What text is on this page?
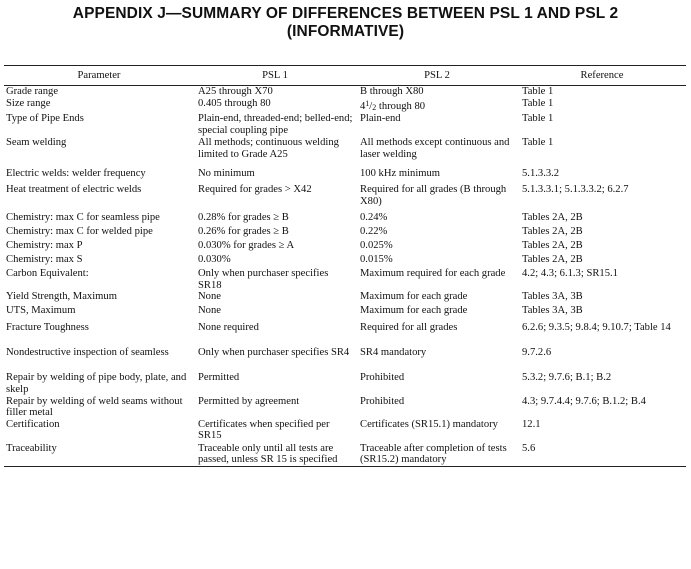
APPENDIX J—SUMMARY OF DIFFERENCES BETWEEN PSL 1 AND PSL 2
(INFORMATIVE)
Parameter	PSL 1	PSL 2	Reference
Grade range	A25 through X70	B through X80	Table 1
Size range	0.405 through 80	$4^1/2$ through 80	Table 1
Type of Pipe Ends	Plain-end, threaded-end; belled-end; special coupling pipe	Plain-end	Table 1
Seam welding	All methods; continuous welding limited to Grade A25	All methods except continuous and laser welding	Table 1
Electric welds: welder frequency	No minimum	100 kHz minimum	5.1.3.3.2
Heat treatment of electric welds	Required for grades > X42	Required for all grades (B through X80)	5.1.3.3.1; 5.1.3.3.2; 6.2.7
Chemistry: max C for seamless pipe	0.28% for grades ≥ B	0.24%	Tables 2A, 2B
Chemistry: max C for welded pipe	0.26% for grades ≥ B	0.22%	Tables 2A, 2B
Chemistry: max P	0.030% for grades ≥ A	0.025%	Tables 2A, 2B
Chemistry: max S	0.030%	0.015%	Tables 2A, 2B
Carbon Equivalent:	Only when purchaser specifies SR18	Maximum required for each grade	4.2; 4.3; 6.1.3; SR15.1
Yield Strength, Maximum	None	Maximum for each grade	Tables 3A, 3B
UTS, Maximum	None	Maximum for each grade	Tables 3A, 3B
Fracture Toughness	None required	Required for all grades	6.2.6; 9.3.5; 9.8.4; 9.10.7; Table 14
Nondestructive inspection of seamless	Only when purchaser specifies SR4	SR4 mandatory	9.7.2.6
Repair by welding of pipe body, plate, and skelp	Permitted	Prohibited	5.3.2; 9.7.6; B.1; B.2
Repair by welding of weld seams without filler metal	Permitted by agreement	Prohibited	4.3; 9.7.4.4; 9.7.6; B.1.2; B.4
Certification	Certificates when specified per SR15	Certificates (SR15.1) mandatory	12.1
Traceability	Traceable only until all tests are passed, unless SR 15 is specified	Traceable after completion of tests (SR15.2) mandatory	5.6
